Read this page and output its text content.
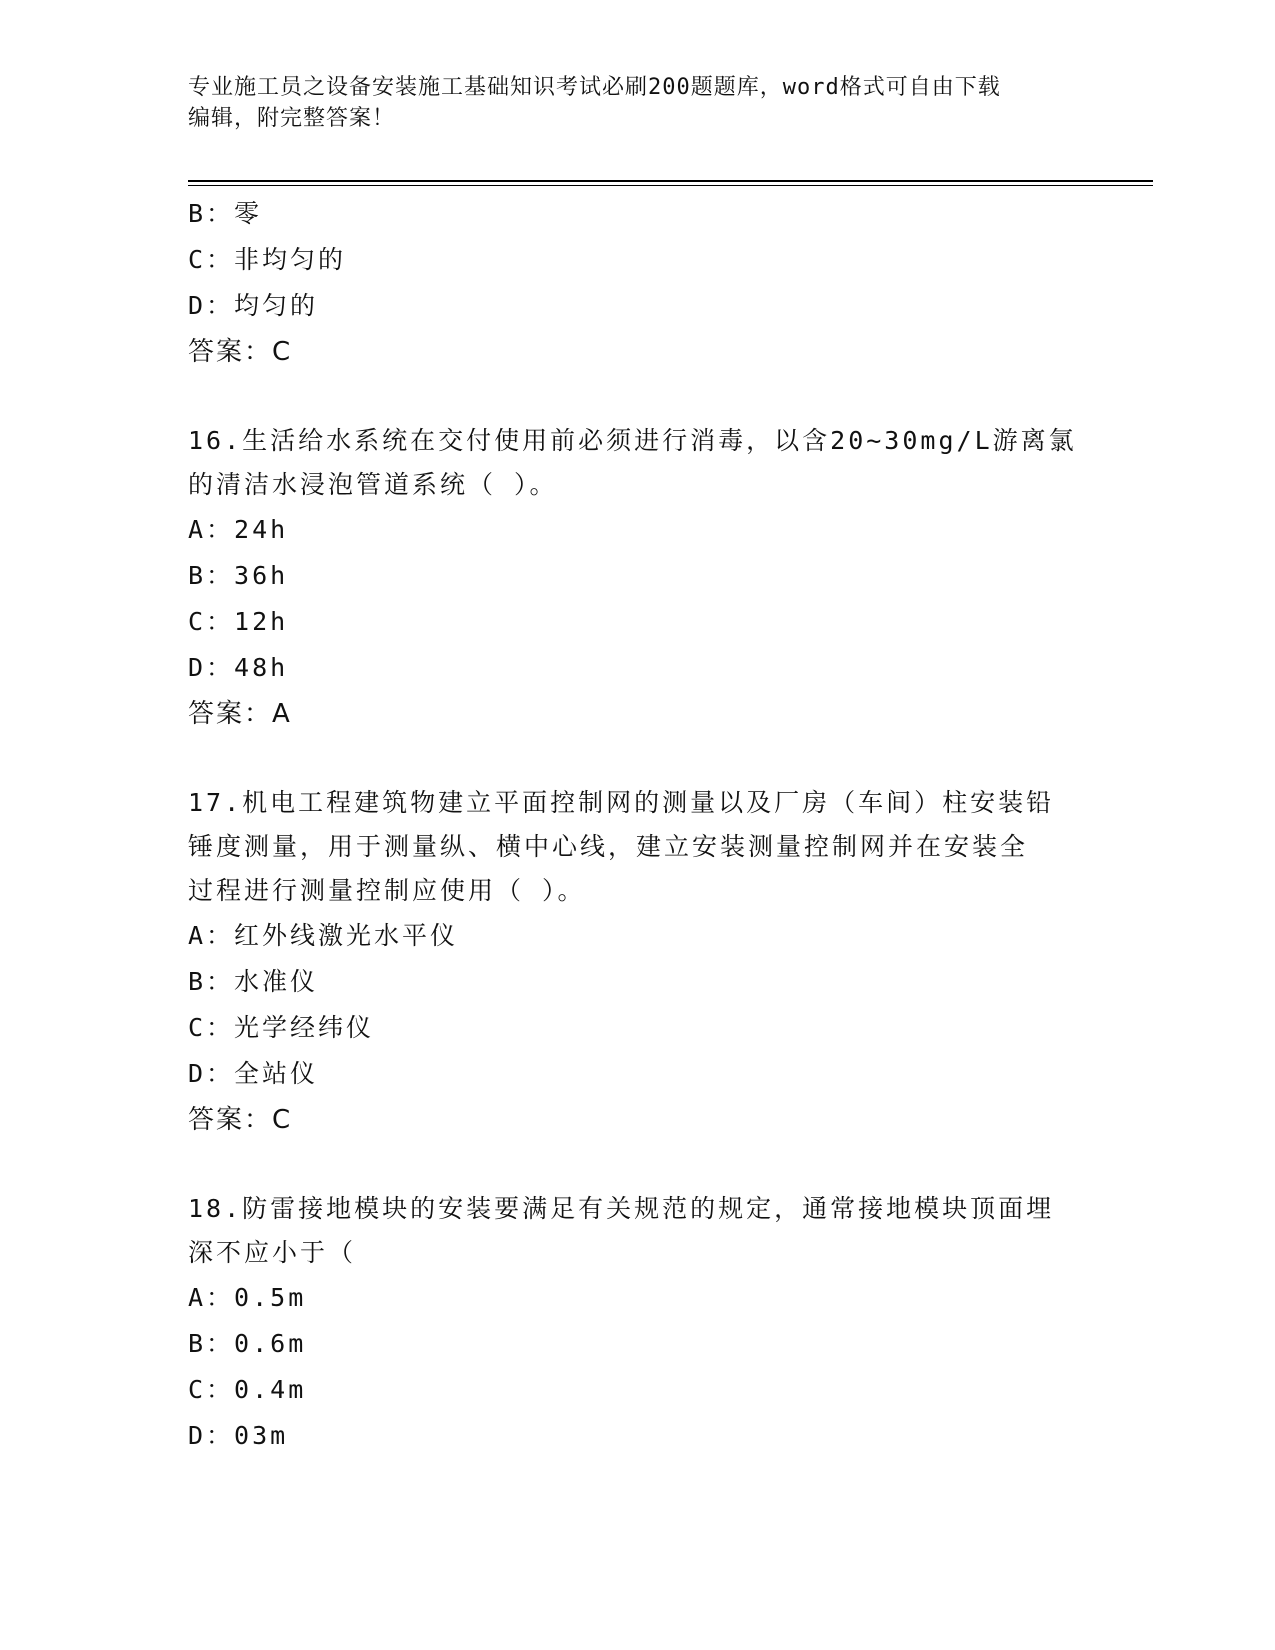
专业施工员之设备安装施工基础知识考试必刷200题题库，word格式可自由下载
编辑，附完整答案！
B：零
C：非均匀的
D：均匀的
答案：C
16.生活给水系统在交付使用前必须进行消毒，以含20~30mg/L游离氯
的清洁水浸泡管道系统（ ）。
A：24h
B：36h
C：12h
D：48h
答案：A
17.机电工程建筑物建立平面控制网的测量以及厂房（车间）柱安装铅
锤度测量，用于测量纵、横中心线，建立安装测量控制网并在安装全
过程进行测量控制应使用（ ）。
A：红外线激光水平仪
B：水准仪
C：光学经纬仪
D：全站仪
答案：C
18.防雷接地模块的安装要满足有关规范的规定，通常接地模块顶面埋
深不应小于（
A：0.5m
B：0.6m
C：0.4m
D：03m
